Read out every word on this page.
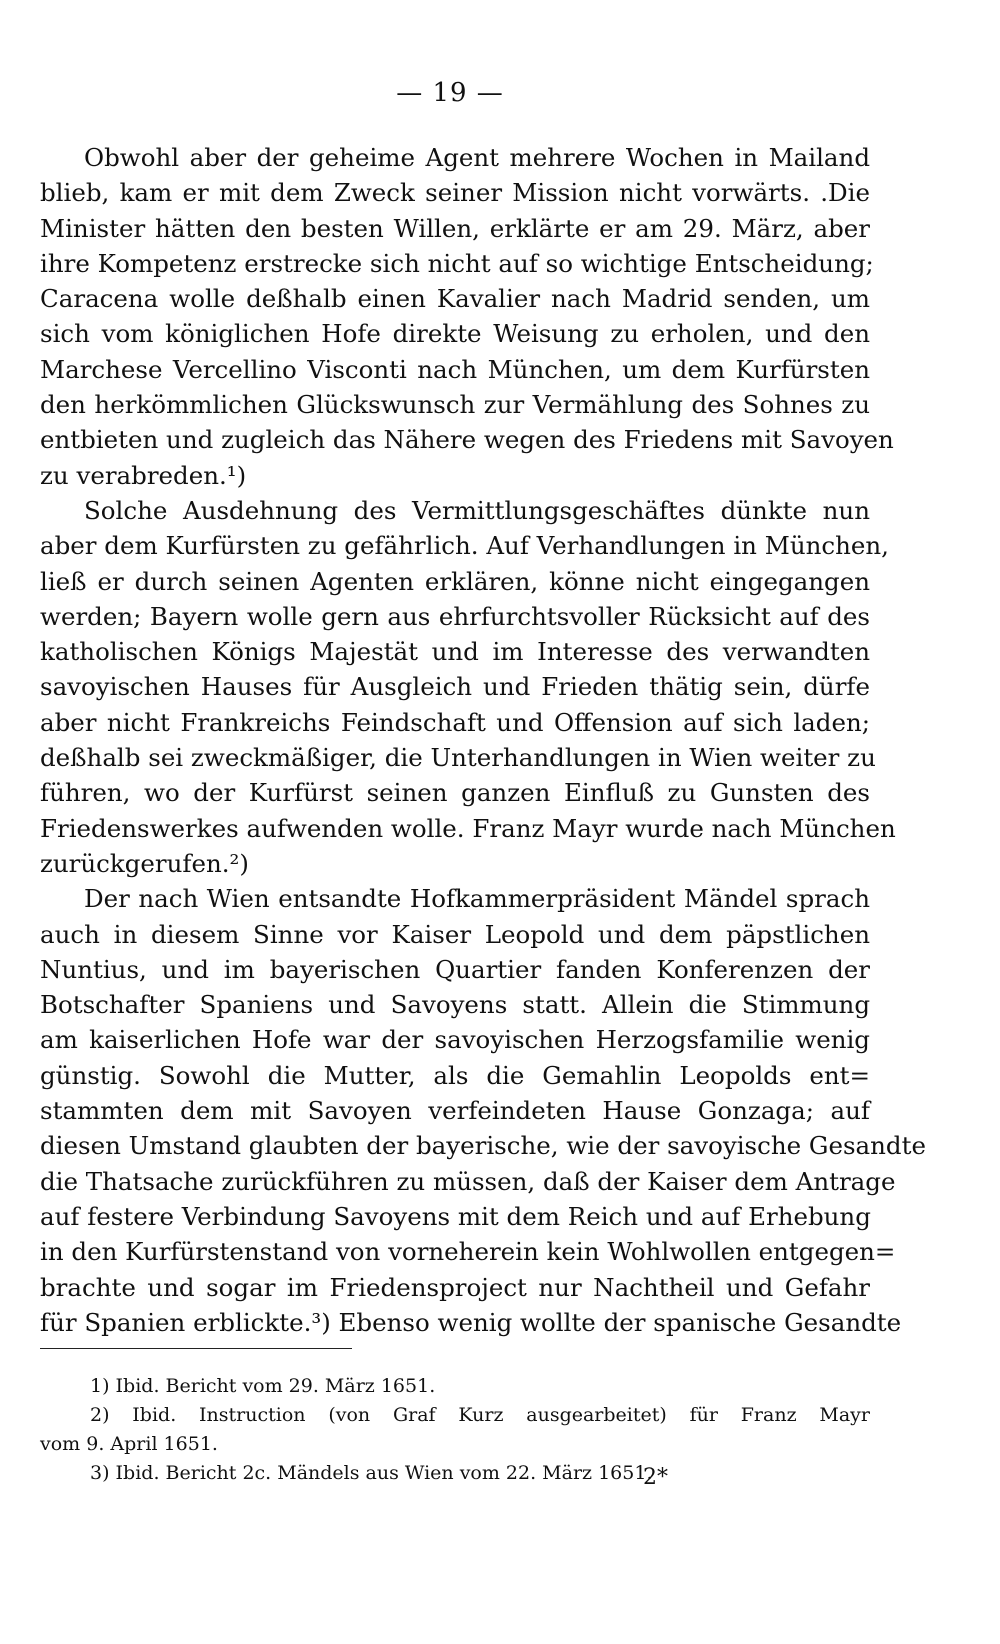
— 19 —
Obwohl aber der geheime Agent mehrere Wochen in Mailand
blieb, kam er mit dem Zweck seiner Mission nicht vorwärts. .Die
Minister hätten den besten Willen, erklärte er am 29. März, aber
ihre Kompetenz erstrecke sich nicht auf so wichtige Entscheidung;
Caracena wolle deßhalb einen Kavalier nach Madrid senden, um
sich vom königlichen Hofe direkte Weisung zu erholen, und den
Marchese Vercellino Visconti nach München, um dem Kurfürsten
den herkömmlichen Glückswunsch zur Vermählung des Sohnes zu
entbieten und zugleich das Nähere wegen des Friedens mit Savoyen
zu verabreden.¹)
Solche Ausdehnung des Vermittlungsgeschäftes dünkte nun
aber dem Kurfürsten zu gefährlich. Auf Verhandlungen in München,
ließ er durch seinen Agenten erklären, könne nicht eingegangen
werden; Bayern wolle gern aus ehrfurchtsvoller Rücksicht auf des
katholischen Königs Majestät und im Interesse des verwandten
savoyischen Hauses für Ausgleich und Frieden thätig sein, dürfe
aber nicht Frankreichs Feindschaft und Offension auf sich laden;
deßhalb sei zweckmäßiger, die Unterhandlungen in Wien weiter zu
führen, wo der Kurfürst seinen ganzen Einfluß zu Gunsten des
Friedenswerkes aufwenden wolle. Franz Mayr wurde nach München
zurückgerufen.²)
Der nach Wien entsandte Hofkammerpräsident Mändel sprach
auch in diesem Sinne vor Kaiser Leopold und dem päpstlichen
Nuntius, und im bayerischen Quartier fanden Konferenzen der
Botschafter Spaniens und Savoyens statt. Allein die Stimmung
am kaiserlichen Hofe war der savoyischen Herzogsfamilie wenig
günstig. Sowohl die Mutter, als die Gemahlin Leopolds ent=
stammten dem mit Savoyen verfeindeten Hause Gonzaga; auf
diesen Umstand glaubten der bayerische, wie der savoyische Gesandte
die Thatsache zurückführen zu müssen, daß der Kaiser dem Antrage
auf festere Verbindung Savoyens mit dem Reich und auf Erhebung
in den Kurfürstenstand von vorneherein kein Wohlwollen entgegen=
brachte und sogar im Friedensproject nur Nachtheil und Gefahr
für Spanien erblickte.³) Ebenso wenig wollte der spanische Gesandte
1) Ibid. Bericht vom 29. März 1651.
2) Ibid. Instruction (von Graf Kurz ausgearbeitet) für Franz Mayr
vom 9. April 1651.
3) Ibid. Bericht 2c. Mändels aus Wien vom 22. März 1651.
2*
